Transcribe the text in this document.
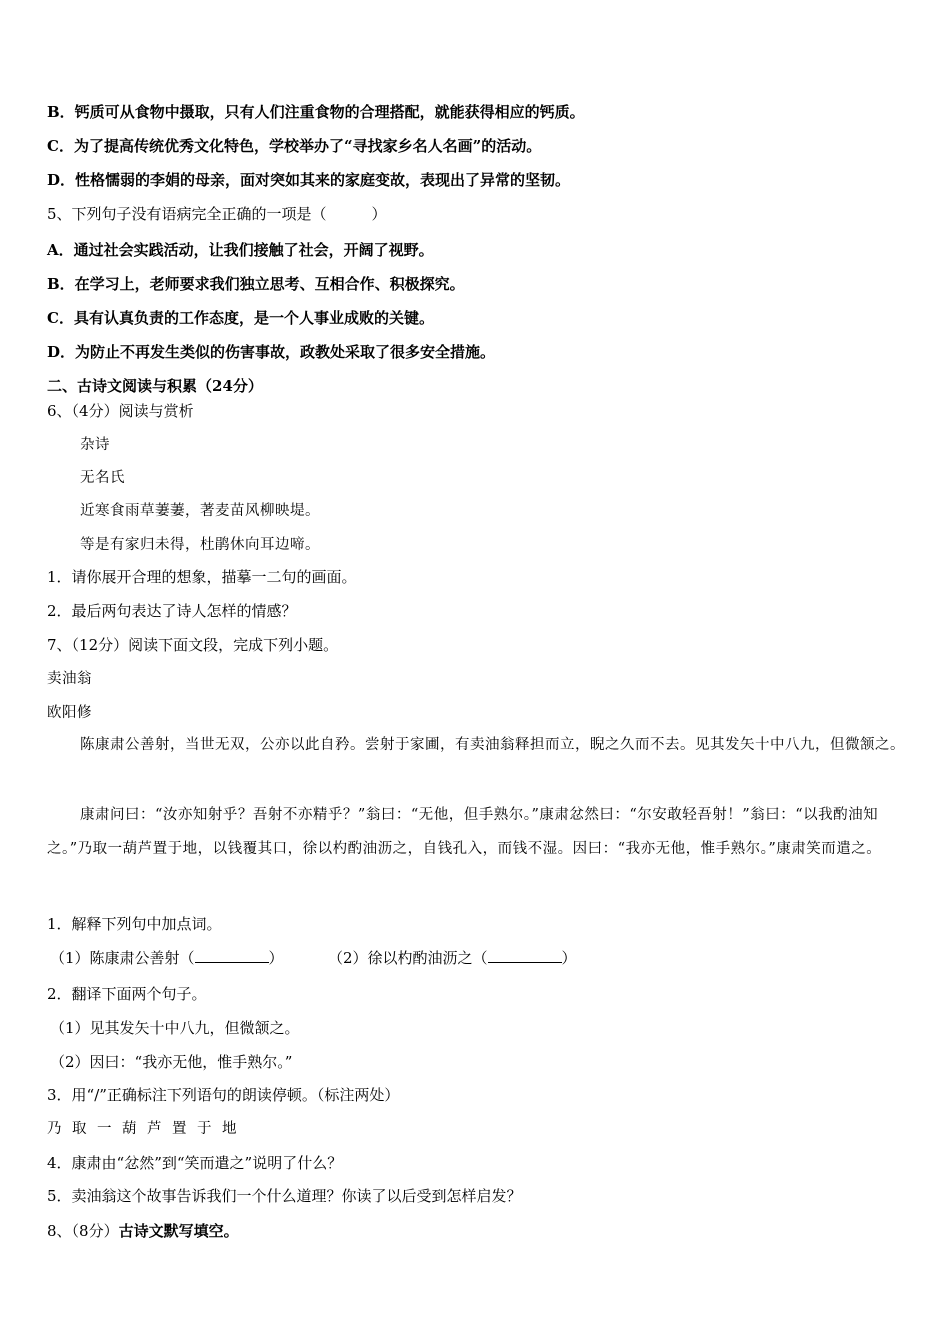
B．钙质可从食物中摄取，只有人们注重食物的合理搭配，就能获得相应的钙质。
C．为了提高传统优秀文化特色，学校举办了“寻找家乡名人名画”的活动。
D．性格懦弱的李娟的母亲，面对突如其来的家庭变故，表现出了异常的坚韧。
5、下列句子没有语病完全正确的一项是（　　　）
A．通过社会实践活动，让我们接触了社会，开阔了视野。
B．在学习上，老师要求我们独立思考、互相合作、积极探究。
C．具有认真负责的工作态度，是一个人事业成败的关键。
D．为防止不再发生类似的伤害事故，政教处采取了很多安全措施。
二、古诗文阅读与积累（24分）
6、（4分）阅读与赏析
杂诗
无名氏
近寒食雨草萋萋，著麦苗风柳映堤。
等是有家归未得，杜鹃休向耳边啼。
1．请你展开合理的想象，描摹一二句的画面。
2．最后两句表达了诗人怎样的情感？
7、（12分）阅读下面文段，完成下列小题。
卖油翁
欧阳修
陈康肃公善射，当世无双，公亦以此自矜。尝射于家圃，有卖油翁释担而立，睨之久而不去。见其发矢十中八九，但微颔之。
康肃问曰：“汝亦知射乎？吾射不亦精乎？”翁曰：“无他，但手熟尔。”康肃忿然曰：“尔安敢轻吾射！”翁曰：“以我酌油知之。”乃取一葫芦置于地，以钱覆其口，徐以杓酌油沥之，自钱孔入，而钱不湿。因曰：“我亦无他，惟手熟尔。”康肃笑而遣之。
1．解释下列句中加点词。
（1）陈康肃公善射（	）	（2）徐以杓酌油沥之（	）
2．翻译下面两个句子。
（1）见其发矢十中八九，但微颔之。
（2）因曰：“我亦无他，惟手熟尔。”
3．用“/”正确标注下列语句的朗读停顿。（标注两处）
乃 取 一 葫 芦 置 于 地
4．康肃由“忿然”到“笑而遣之”说明了什么？
5．卖油翁这个故事告诉我们一个什么道理？你读了以后受到怎样启发？
8、（8分）古诗文默写填空。
